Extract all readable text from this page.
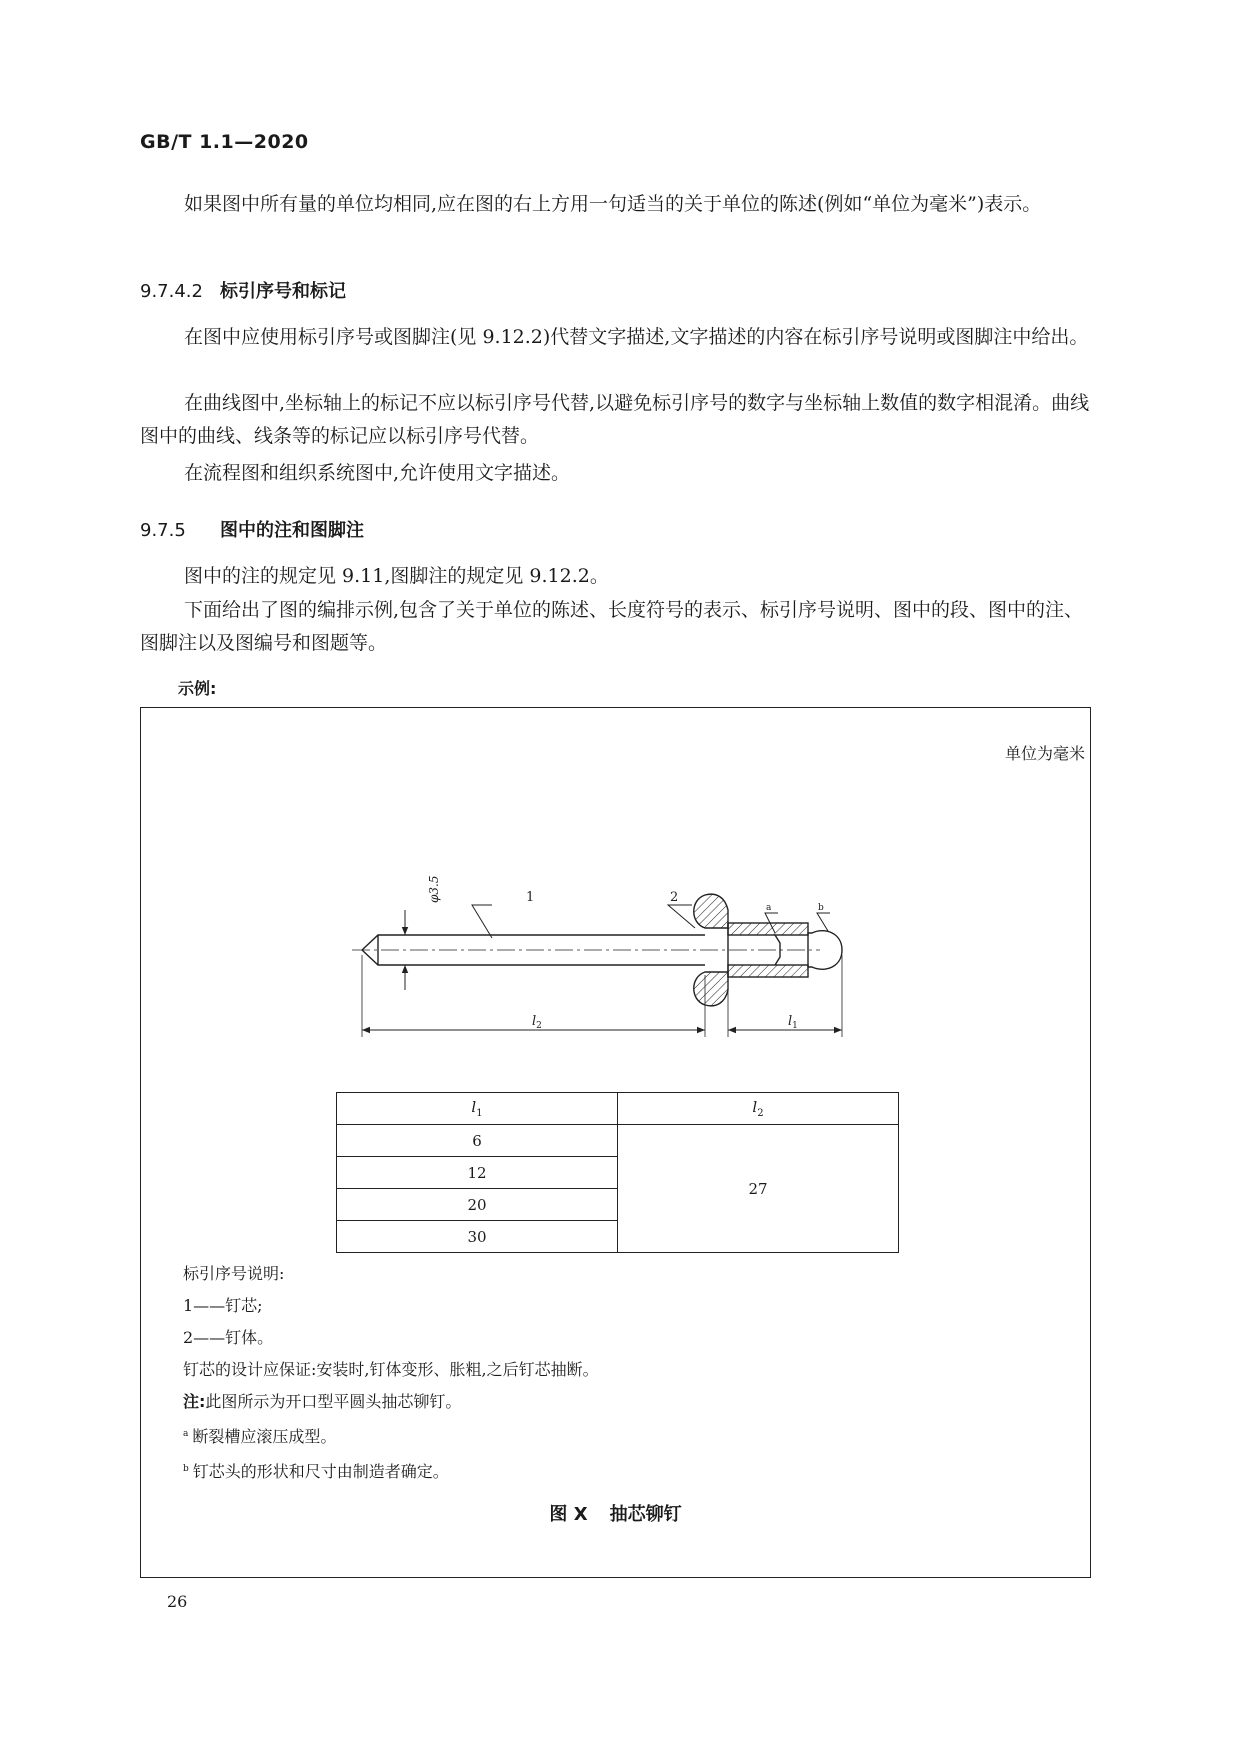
GB/T 1.1—2020

如果图中所有量的单位均相同,应在图的右上方用一句适当的关于单位的陈述(例如“单位为毫米”)表示。

9.7.4.2 标引序号和标记

在图中应使用标引序号或图脚注(见 9.12.2)代替文字描述,文字描述的内容在标引序号说明或图脚注中给出。

在曲线图中,坐标轴上的标记不应以标引序号代替,以避免标引序号的数字与坐标轴上数值的数字相混淆。曲线图中的曲线、线条等的标记应以标引序号代替。

在流程图和组织系统图中,允许使用文字描述。

9.7.5 图中的注和图脚注

图中的注的规定见 9.11,图脚注的规定见 9.12.2。

下面给出了图的编排示例,包含了关于单位的陈述、长度符号的表示、标引序号说明、图中的段、图中的注、图脚注以及图编号和图题等。

示例:
单位为毫米
1	2
a	b
φ3.5
$l_2$	$l_1$
$l_1$	$l_2$
6	27
12	
20	
30	

标引序号说明:

1——钉芯;

2——钉体。

钉芯的设计应保证:安装时,钉体变形、胀粗,之后钉芯抽断。

注:此图所示为开口型平圆头抽芯铆钉。

$^a$ 断裂槽应滚压成型。

$^b$ 钉芯头的形状和尺寸由制造者确定。

图 X 抽芯铆钉
26
